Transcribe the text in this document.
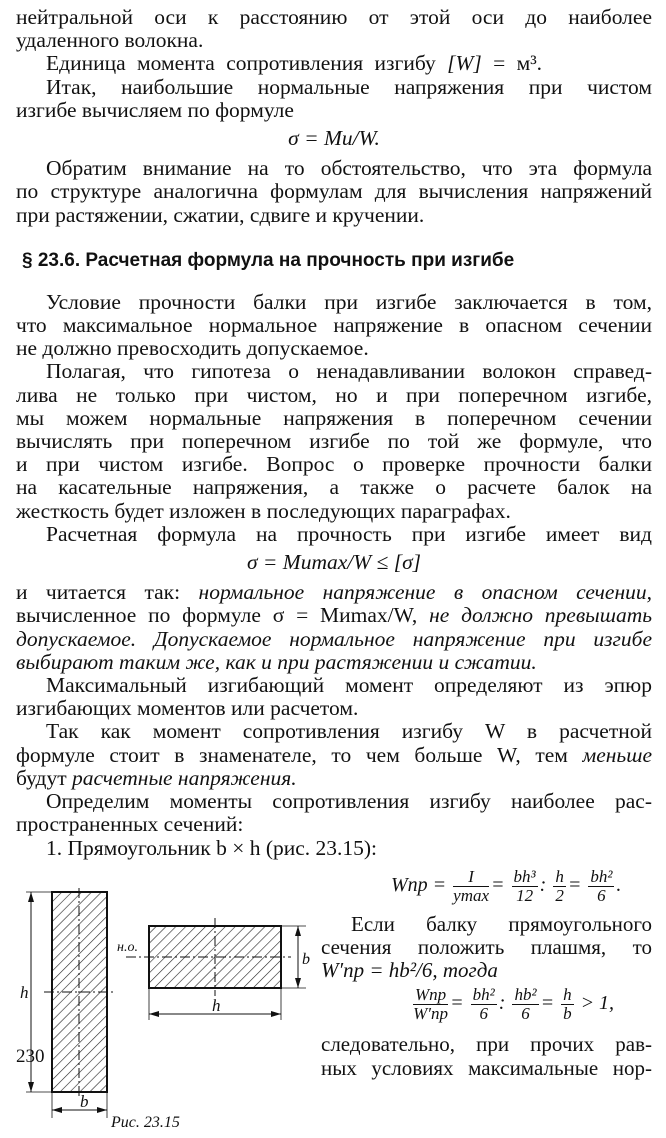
нейтральной оси к расстоянию от этой оси до наиболее
удаленного волокна.
Единица момента сопротивления изгибу [W] = м³.
Итак, наибольшие нормальные напряжения при чистом
изгибе вычисляем по формуле
σ = Mи/W.
Обратим внимание на то обстоятельство, что эта формула
по структуре аналогична формулам для вычисления напряжений
при растяжении, сжатии, сдвиге и кручении.
§ 23.6. Расчетная формула на прочность при изгибе
Условие прочности балки при изгибе заключается в том,
что максимальное нормальное напряжение в опасном сечении
не должно превосходить допускаемое.
Полагая, что гипотеза о ненадавливании волокон справед-
лива не только при чистом, но и при поперечном изгибе,
мы можем нормальные напряжения в поперечном сечении
вычислять при поперечном изгибе по той же формуле, что
и при чистом изгибе. Вопрос о проверке прочности балки
на касательные напряжения, а также о расчете балок на
жесткость будет изложен в последующих параграфах.
Расчетная формула на прочность при изгибе имеет вид
σ = Mиmax/W ≤ [σ]
и читается так: нормальное напряжение в опасном сечении,
вычисленное по формуле σ = Mиmax/W, не должно превышать
допускаемое. Допускаемое нормальное напряжение при изгибе
выбирают таким же, как и при растяжении и сжатии.
Максимальный изгибающий момент определяют из эпюр
изгибающих моментов или расчетом.
Так как момент сопротивления изгибу W в расчетной
формуле стоит в знаменателе, то чем больше W, тем меньше
будут расчетные напряжения.
Определим моменты сопротивления изгибу наиболее рас-
пространенных сечений:
1. Прямоугольник b × h (рис. 23.15):
h
b
н.о.
b
h
Рис. 23.15
Wпр = $\frac{I}{ymax} = \frac{\text{bh³}}{12}$ : $\frac{h}{2} = \frac{\text{bh²}}{6}$ .
Если балку прямоугольного
сечения положить плашмя, то
W′пр = hb²/6, тогда
$\frac{\text{Wпр}}{W'пр} = \frac{\text{bh²}}{6}$ : $\frac{\text{hb²}}{6} = \frac{h}{b} > 1$,
следовательно, при прочих рав-
ных условиях максимальные нор-
230
